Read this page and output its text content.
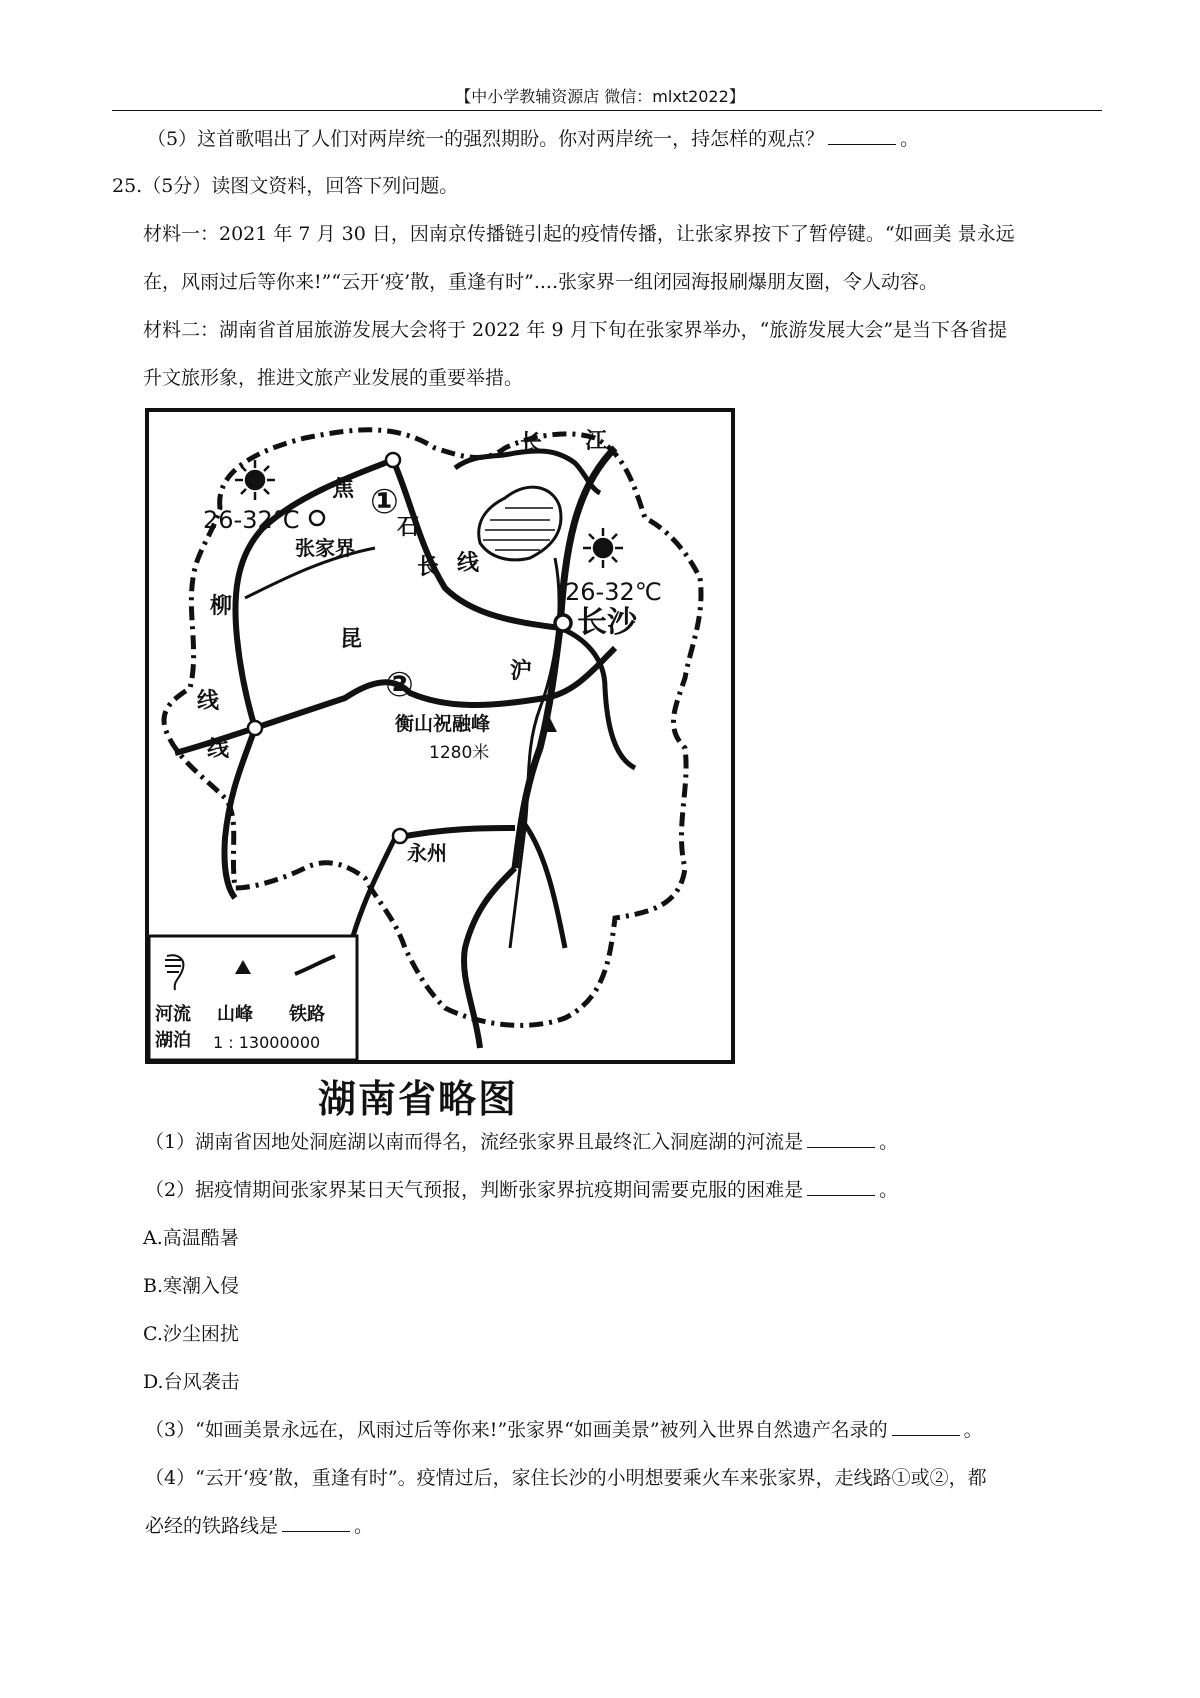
【中小学教辅资源店 微信：mlxt2022】
（5）这首歌唱出了人们对两岸统一的强烈期盼。你对两岸统一，持怎样的观点？	。
25.（5分）读图文资料，回答下列问题。
材料一：2021 年 7 月 30 日，因南京传播链引起的疫情传播，让张家界按下了暂停键。“如画美 景永远
在，风雨过后等你来!”“云开‘疫’散，重逢有时”....张家界一组闭园海报刷爆朋友圈，令人动容。
材料二：湖南省首届旅游发展大会将于 2022 年 9 月下旬在张家界举办，“旅游发展大会”是当下各省提
升文旅形象，推进文旅产业发展的重要举措。
26-32℃
26-32℃
张家界
长沙
永州
长 江
焦
石
长 线
昆
沪
柳
线
线
①
②
衡山祝融峰
1280米
河流
湖泊
山峰 铁路
1 : 13000000
湖南省略图
（1）湖南省因地处洞庭湖以南而得名，流经张家界且最终汇入洞庭湖的河流是	。
（2）据疫情期间张家界某日天气预报，判断张家界抗疫期间需要克服的困难是	。
A.高温酷暑
B.寒潮入侵
C.沙尘困扰
D.台风袭击
（3）“如画美景永远在，风雨过后等你来!”张家界“如画美景”被列入世界自然遗产名录的	。
（4）“云开‘疫’散，重逢有时”。疫情过后，家住长沙的小明想要乘火车来张家界，走线路①或②，都
必经的铁路线是	。
